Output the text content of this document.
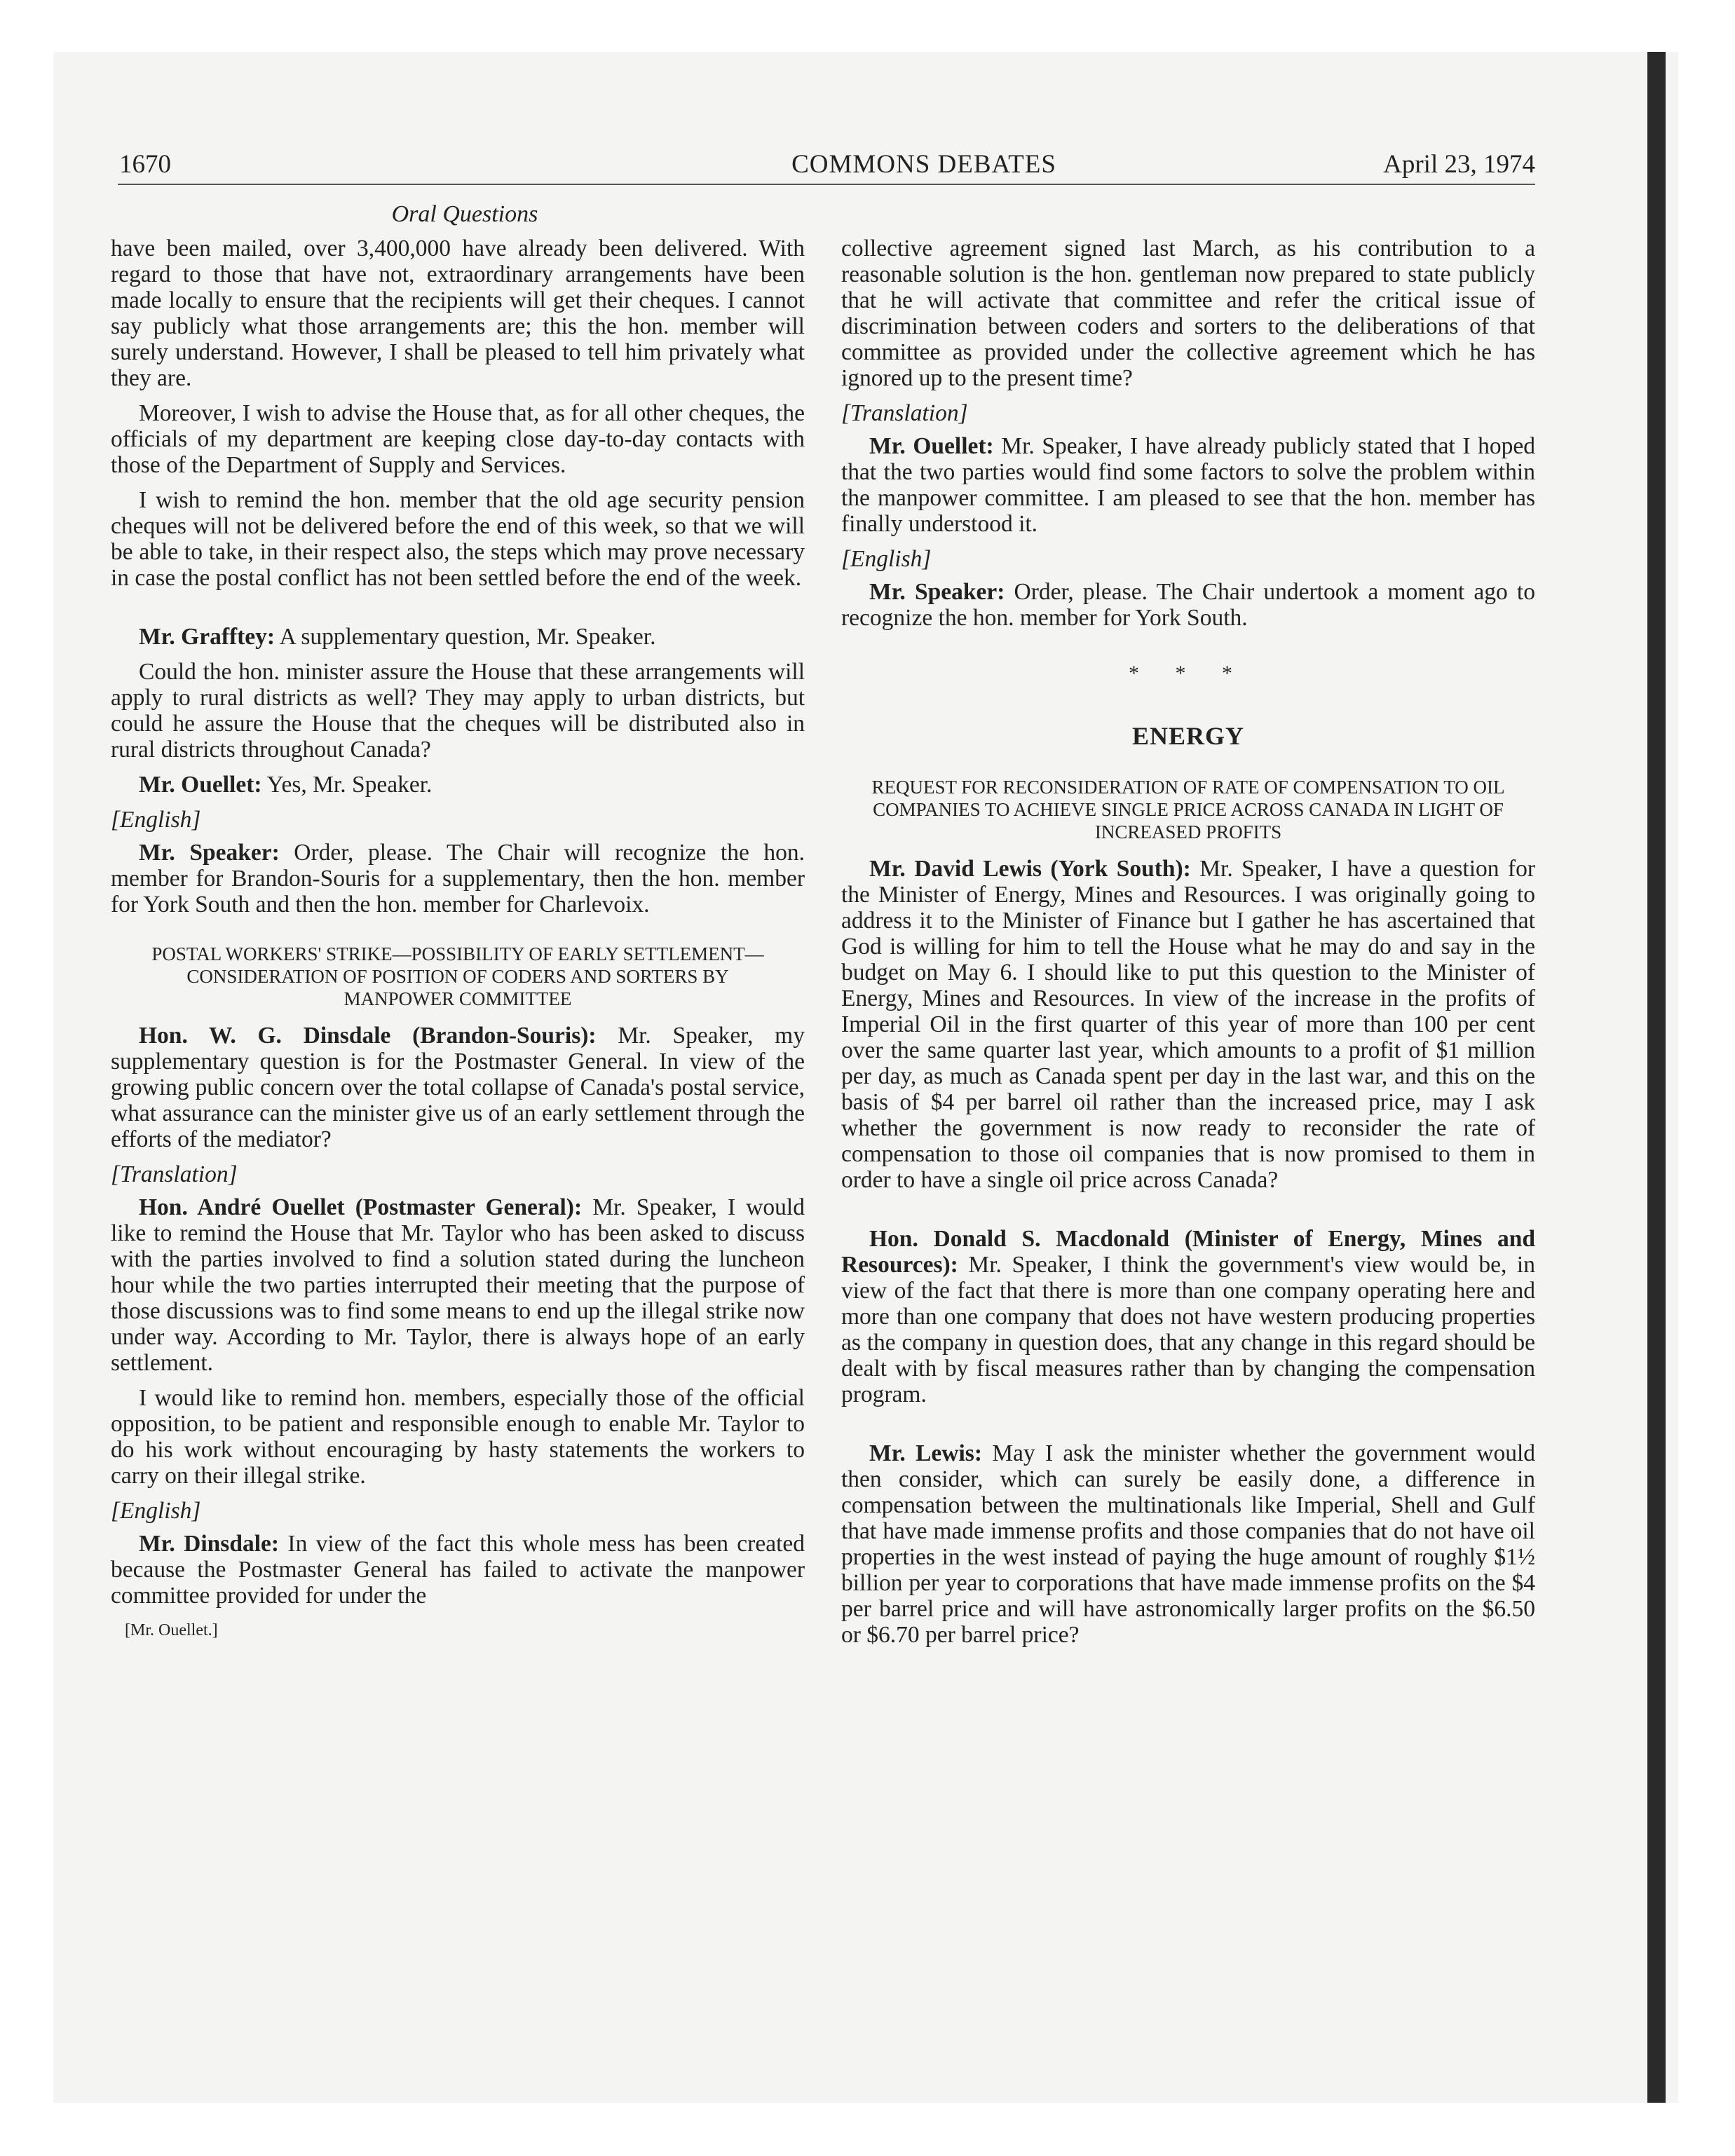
1670	COMMONS DEBATES	April 23, 1974
Oral Questions

have been mailed, over 3,400,000 have already been delivered. With regard to those that have not, extraordinary arrangements have been made locally to ensure that the recipients will get their cheques. I cannot say publicly what those arrangements are; this the hon. member will surely understand. However, I shall be pleased to tell him privately what they are.

Moreover, I wish to advise the House that, as for all other cheques, the officials of my department are keeping close day-to-day contacts with those of the Department of Supply and Services.

I wish to remind the hon. member that the old age security pension cheques will not be delivered before the end of this week, so that we will be able to take, in their respect also, the steps which may prove necessary in case the postal conflict has not been settled before the end of the week.

Mr. Grafftey: A supplementary question, Mr. Speaker.

Could the hon. minister assure the House that these arrangements will apply to rural districts as well? They may apply to urban districts, but could he assure the House that the cheques will be distributed also in rural districts throughout Canada?

Mr. Ouellet: Yes, Mr. Speaker.

[English]

Mr. Speaker: Order, please. The Chair will recognize the hon. member for Brandon-Souris for a supplementary, then the hon. member for York South and then the hon. member for Charlevoix.

POSTAL WORKERS' STRIKE—POSSIBILITY OF EARLY SETTLEMENT—CONSIDERATION OF POSITION OF CODERS AND SORTERS BY MANPOWER COMMITTEE

Hon. W. G. Dinsdale (Brandon-Souris): Mr. Speaker, my supplementary question is for the Postmaster General. In view of the growing public concern over the total collapse of Canada's postal service, what assurance can the minister give us of an early settlement through the efforts of the mediator?

[Translation]

Hon. André Ouellet (Postmaster General): Mr. Speaker, I would like to remind the House that Mr. Taylor who has been asked to discuss with the parties involved to find a solution stated during the luncheon hour while the two parties interrupted their meeting that the purpose of those discussions was to find some means to end up the illegal strike now under way. According to Mr. Taylor, there is always hope of an early settlement.

I would like to remind hon. members, especially those of the official opposition, to be patient and responsible enough to enable Mr. Taylor to do his work without encouraging by hasty statements the workers to carry on their illegal strike.

[English]

Mr. Dinsdale: In view of the fact this whole mess has been created because the Postmaster General has failed to activate the manpower committee provided for under the

[Mr. Ouellet.]

collective agreement signed last March, as his contribution to a reasonable solution is the hon. gentleman now prepared to state publicly that he will activate that committee and refer the critical issue of discrimination between coders and sorters to the deliberations of that committee as provided under the collective agreement which he has ignored up to the present time?

[Translation]

Mr. Ouellet: Mr. Speaker, I have already publicly stated that I hoped that the two parties would find some factors to solve the problem within the manpower committee. I am pleased to see that the hon. member has finally understood it.

[English]

Mr. Speaker: Order, please. The Chair undertook a moment ago to recognize the hon. member for York South.

* * *

ENERGY

REQUEST FOR RECONSIDERATION OF RATE OF COMPENSATION TO OIL COMPANIES TO ACHIEVE SINGLE PRICE ACROSS CANADA IN LIGHT OF INCREASED PROFITS

Mr. David Lewis (York South): Mr. Speaker, I have a question for the Minister of Energy, Mines and Resources. I was originally going to address it to the Minister of Finance but I gather he has ascertained that God is willing for him to tell the House what he may do and say in the budget on May 6. I should like to put this question to the Minister of Energy, Mines and Resources. In view of the increase in the profits of Imperial Oil in the first quarter of this year of more than 100 per cent over the same quarter last year, which amounts to a profit of $1 million per day, as much as Canada spent per day in the last war, and this on the basis of $4 per barrel oil rather than the increased price, may I ask whether the government is now ready to reconsider the rate of compensation to those oil companies that is now promised to them in order to have a single oil price across Canada?

Hon. Donald S. Macdonald (Minister of Energy, Mines and Resources): Mr. Speaker, I think the government's view would be, in view of the fact that there is more than one company operating here and more than one company that does not have western producing properties as the company in question does, that any change in this regard should be dealt with by fiscal measures rather than by changing the compensation program.

Mr. Lewis: May I ask the minister whether the government would then consider, which can surely be easily done, a difference in compensation between the multinationals like Imperial, Shell and Gulf that have made immense profits and those companies that do not have oil properties in the west instead of paying the huge amount of roughly $1½ billion per year to corporations that have made immense profits on the $4 per barrel price and will have astronomically larger profits on the $6.50 or $6.70 per barrel price?
